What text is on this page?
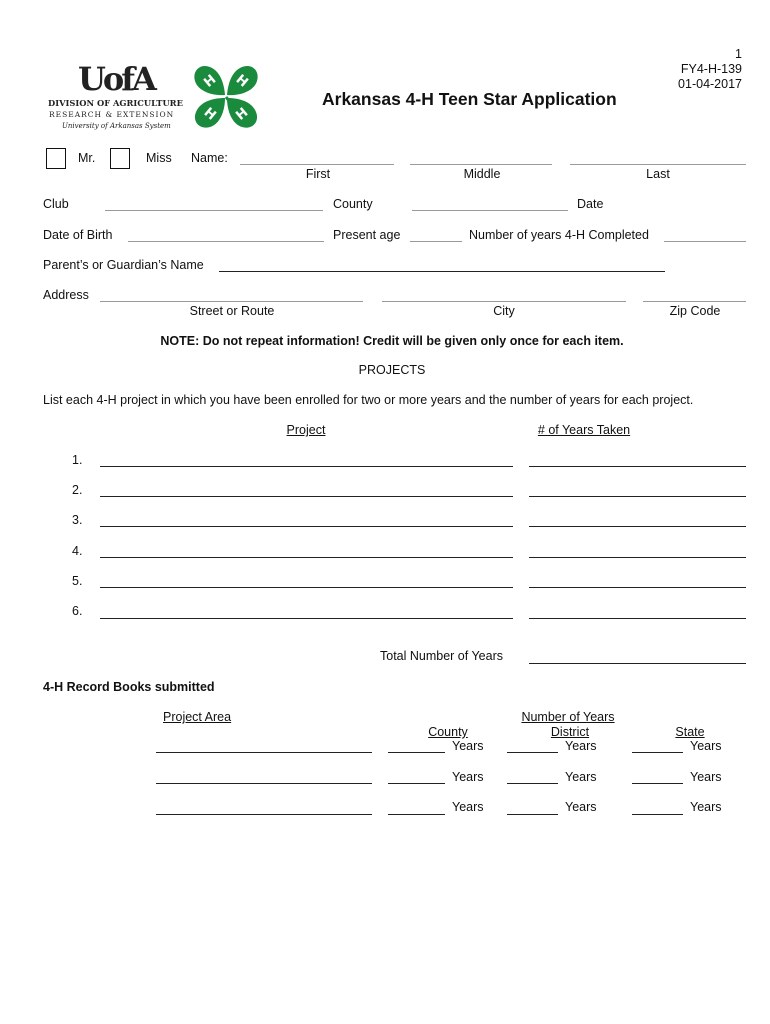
UofA
DIVISION OF AGRICULTURE
RESEARCH & EXTENSION
University of Arkansas System
H H
H H
1
FY4-H-139
01-04-2017
Arkansas 4-H Teen Star Application
Mr.	Miss Name:
First	Middle	Last
Club	County	Date
Date of Birth	Present age	Number of years 4-H Completed
Parent’s or Guardian’s Name
Address
Street or Route	City	Zip Code
NOTE: Do not repeat information! Credit will be given only once for each item.
PROJECTS
List each 4-H project in which you have been enrolled for two or more years and the number of years for each project.
Project	# of Years Taken
1.
2.
3.
4.
5.
6.
Total Number of Years
4-H Record Books submitted
Project Area	Number of Years
County	District	State
Years	Years	Years
Years	Years	Years
Years	Years	Years
